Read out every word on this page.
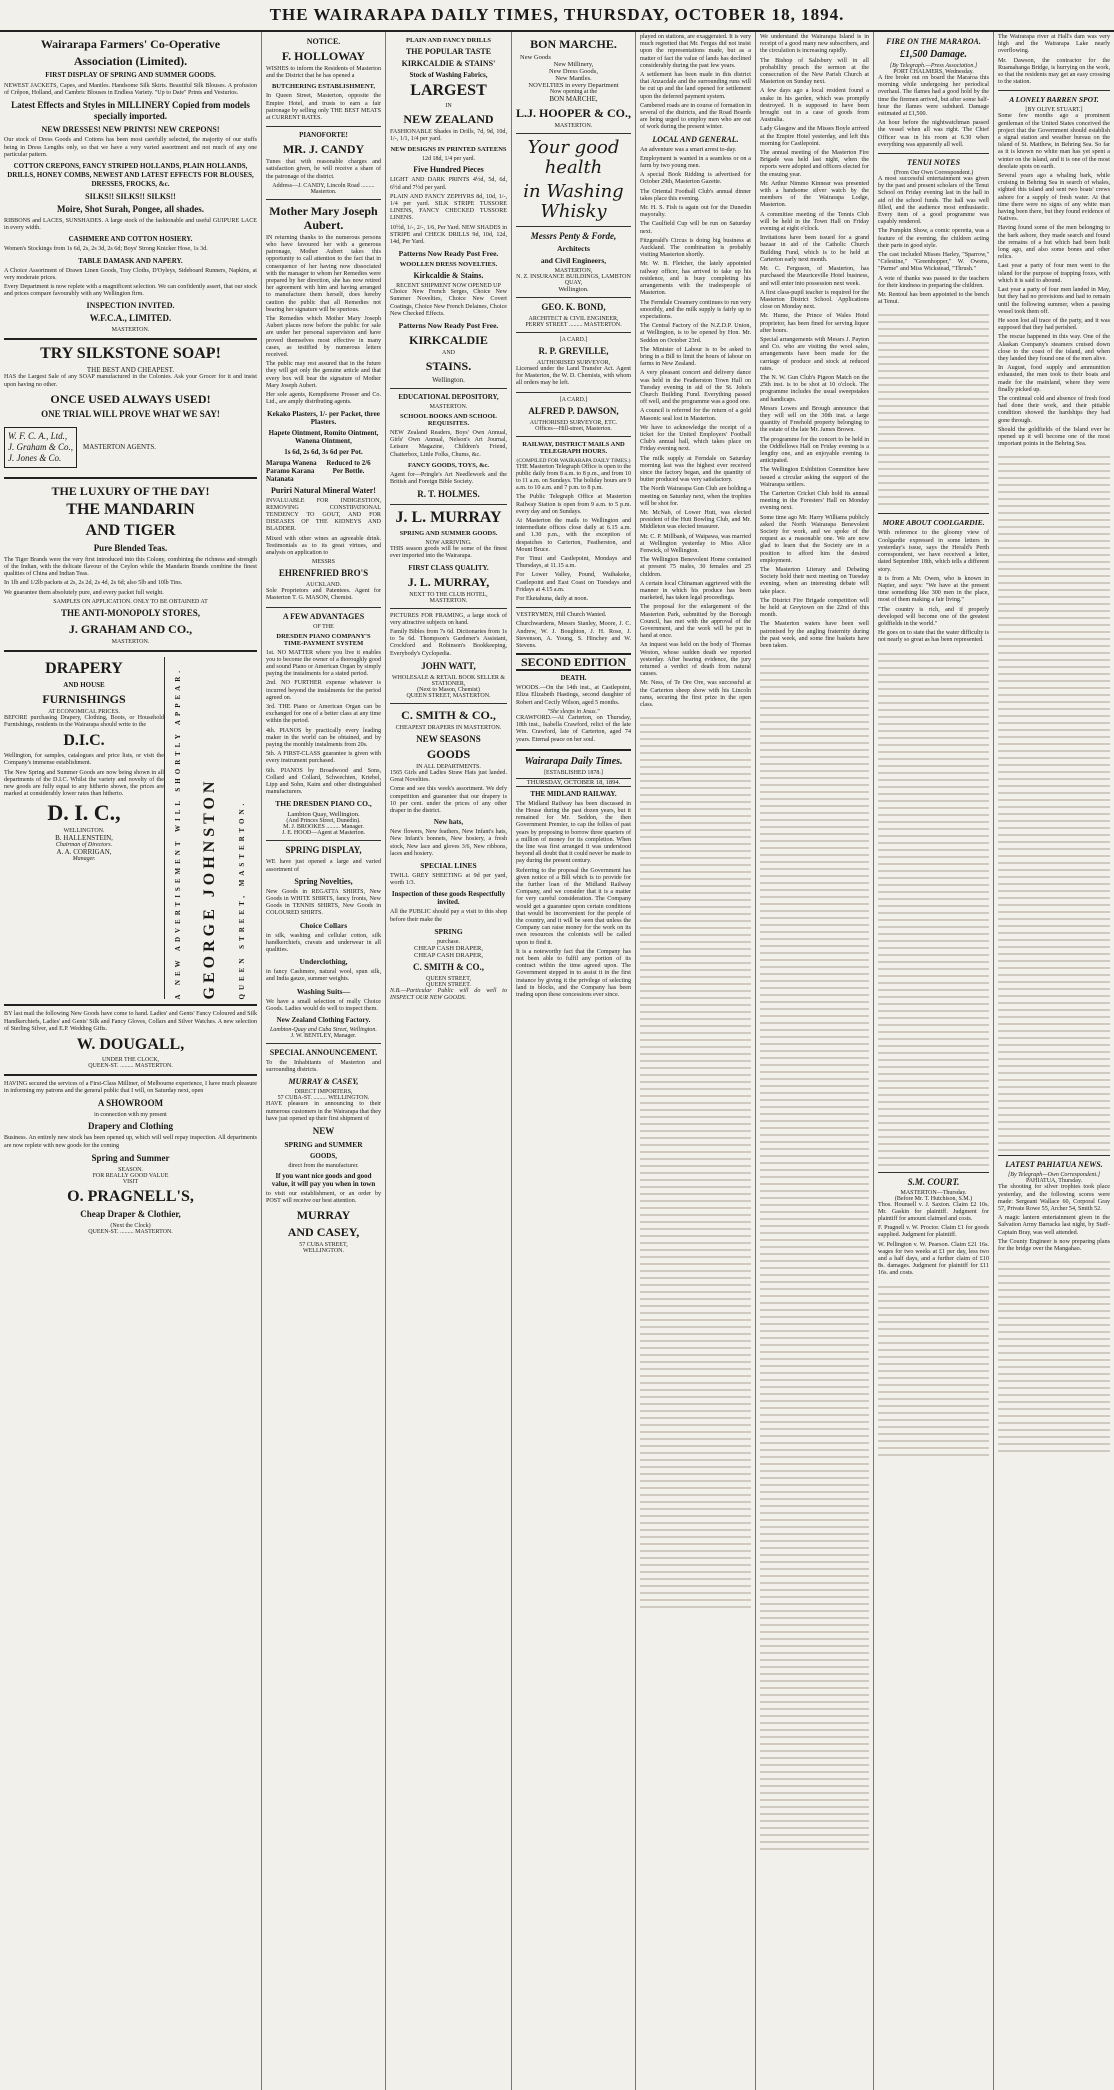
THE WAIRARAPA DAILY TIMES, THURSDAY, OCTOBER 18, 1894.
Wairarapa Farmers' Co-Operative
Association (Limited).
FIRST DISPLAY OF SPRING AND SUMMER GOODS.

NEWEST JACKETS, Capes, and Mantles. Handsome Silk Skirts. Beautiful Silk Blouses. A profusion of Crêpon, Holland, and Cambric Blouses in Endless Variety. "Up to Date" Prints and Vesturios.

Latest Effects and Styles in MILLINERY Copied from models specially imported.
NEW DRESSES! NEW PRINTS! NEW CREPONS!

Our stock of Dress Goods and Cottons has been most carefully selected, the majority of our stuffs being in Dress Lengths only, so that we have a very varied assortment and not much of any one particular pattern.

COTTON CREPONS, FANCY STRIPED HOLLANDS, PLAIN HOLLANDS, DRILLS, HONEY COMBS, NEWEST AND LATEST EFFECTS FOR BLOUSES, DRESSES, FROCKS, &c.
SILKS!! SILKS!! SILKS!!
Moire, Shot Surah, Pongee, all shades.

RIBBONS and LACES, SUNSHADES. A large stock of the fashionable and useful GUIPURE LACE in every width.

CASHMERE AND COTTON HOSIERY.

Women's Stockings from 1s 6d, 2s, 2s 3d, 2s 6d; Boys' Strong Knicker Hose, 1s 3d.

TABLE DAMASK AND NAPERY.

A Choice Assortment of Drawn Linen Goods, Tray Cloths, D'Oyleys, Sideboard Runners, Napkins, at very moderate prices.

Every Department is now replete with a magnificent selection. We can confidently assert, that our stock and prices compare favourably with any Wellington firm.

INSPECTION INVITED.
W.F.C.A., LIMITED.
MASTERTON.
TRY SILKSTONE SOAP!
THE BEST AND CHEAPEST.

HAS the Largest Sale of any SOAP manufactured in the Colonies. Ask your Grocer for it and insist upon having no other.

ONCE USED ALWAYS USED!
ONE TRIAL WILL PROVE WHAT WE SAY!
W. F. C. A., Ltd.,
J. Graham & Co.,
J. Jones & Co.
MASTERTON AGENTS.
THE LUXURY OF THE DAY!
THE MANDARIN
AND TIGER
Pure Blended Teas.

The Tiger Brands were the very first introduced into this Colony, combining the richness and strength of the Indian, with the delicate flavour of the Ceylon while the Mandarin Brands combine the finest qualities of China and Indian Teas.

In 1lb and 1/2lb packets at 2s, 2s 2d, 2s 4d, 2s 6d; also 5lb and 10lb Tins.

We guarantee them absolutely pure, and every packet full weight.

SAMPLES ON APPLICATION. ONLY TO BE OBTAINED AT
THE ANTI-MONOPOLY STORES,
J. GRAHAM AND CO.,
MASTERTON.
DRAPERY
AND HOUSE
FURNISHINGS
AT ECONOMICAL PRICES.

BEFORE purchasing Drapery, Clothing, Boots, or Household Furnishings, residents in the Wairarapa should write to the

D.I.C.

Wellington, for samples, catalogues and price lists, or visit the Company's immense establishment.

The New Spring and Summer Goods are now being shown in all departments of the D.I.C. Whilst the variety and novelty of the new goods are fully equal to any hitherto shown, the prices are marked at considerably lower rates than hitherto.

D. I. C.,
WELLINGTON.
B. HALLENSTEIN,
Chairman of Directors.
A. A. CORRIGAN,
Manager.	A NEW ADVERTISEMENT WILL SHORTLY APPEAR. GEORGE JOHNSTON	QUEEN STREET, MASTERTON.

BY last mail the following New Goods have come to hand. Ladies' and Gents' Fancy Coloured and Silk Handkerchiefs, Ladies' and Gents' Silk and Fancy Gloves, Collars and Silver Watches. A new selection of Sterling Silver, and E.P. Wedding Gifts.

W. DOUGALL,
UNDER THE CLOCK,
QUEEN-ST. ......... MASTERTON.

HAVING secured the services of a First-Class Milliner, of Melbourne experience, I have much pleasure in informing my patrons and the general public that I will, on Saturday next, open

A SHOWROOM
in connection with my present
Drapery and Clothing

Business. An entirely new stock has been opened up, which will well repay inspection. All departments are now replete with new goods for the coming

Spring and Summer
SEASON.
FOR REALLY GOOD VALUE
VISIT
O. PRAGNELL'S,
Cheap Draper & Clothier,
(Next the Clock)
QUEEN-ST. ......... MASTERTON.
NOTICE.
F. HOLLOWAY

WISHES to inform the Residents of Masterton and the District that he has opened a

BUTCHERING ESTABLISHMENT,

In Queen Street, Masterton, opposite the Empire Hotel, and trusts to earn a fair patronage by selling only THE BEST MEATS at CURRENT RATES.

PIANOFORTE!
MR. J. CANDY

Tunes that with reasonable charges and satisfaction given, he will receive a share of the patronage of the district.

Address—J. CANDY, Lincoln Road ......... Masterton.
Mother Mary Joseph Aubert.

IN returning thanks to the numerous persons who have favoured her with a generous patronage, Mother Aubert takes this opportunity to call attention to the fact that in consequence of her having now dissociated with the manager to whom her Remedies were prepared by her direction, she has now retired her agreement with him and having arranged to manufacture them herself, does hereby caution the public that all Remedies not bearing her signature will be spurious.

The Remedies which Mother Mary Joseph Aubert places now before the public for sale are under her personal supervision and have proved themselves most effective in many cases, as testified by numerous letters received.

The public may rest assured that in the future they will get only the genuine article and that every box will bear the signature of Mother Mary Joseph Aubert.

Her sole agents, Kempthorne Prosser and Co. Ltd., are amply distributing agents.

Kekako Plasters, 1/- per Packet, three Plasters.
Hapete Ointment, Romito Ointment, Wanena Ointment,
1s 6d, 2s 6d, 3s 6d per Pot.
Marupa Wanena Paramo Karana Natanata
Reduced to 2/6 Per Bottle.
Puriri Natural Mineral Water!

INVALUABLE FOR INDIGESTION, REMOVING CONSTIPATIONAL TENDENCY TO GOUT, AND FOR DISEASES OF THE KIDNEYS AND BLADDER.

Mixed with other wines an agreeable drink. Testimonials as to its great virtues, and analysis on application to

MESSRS
EHRENFRIED BRO'S
AUCKLAND.

Sole Proprietors and Patentees. Agent for Masterton T. G. MASON, Chemist.

A FEW ADVANTAGES
OF THE
DRESDEN PIANO COMPANY'S TIME-PAYMENT SYSTEM

1st. NO MATTER where you live it enables you to become the owner of a thoroughly good and sound Piano or American Organ by simply paying the instalments for a stated period.

2nd. NO FURTHER expense whatever is incurred beyond the instalments for the period agreed on.

3rd. THE Piano or American Organ can be exchanged for one of a better class at any time within the period.

4th. PIANOS by practically every leading maker in the world can be obtained, and by paying the monthly instalments from 20s.

5th. A FIRST-CLASS guarantee is given with every instrument purchased.

6th. PIANOS by Broadwood and Sons, Collard and Collard, Schwechten, Kriebel, Lipp and Sohn, Kaim and other distinguished manufacturers.

THE DRESDEN PIANO CO.,
Lambton Quay, Wellington.
(And Princes Street, Dunedin).
M. J. BROOKES ......... Manager.
J. E. HOOD—Agent at Masterton.
SPRING DISPLAY,

WE have just opened a large and varied assortment of

Spring Novelties,

New Goods in REGATTA SHIRTS, New Goods in WHITE SHIRTS, fancy fronts, New Goods in TENNIS SHIRTS, New Goods in COLOURED SHIRTS.

Choice Collars

in silk, washing and cellular cotton, silk handkerchiefs, cravats and underwear in all qualities.

Underclothing,

in fancy Cashmere, natural wool, spun silk, and India gauze, summer weights.

Washing Suits—

We have a small selection of really Choice Goods. Ladies would do well to inspect them.

New Zealand Clothing Factory.
Lambton-Quay and Cuba Street, Wellington.
J. W. BENTLEY, Manager.
SPECIAL ANNOUNCEMENT.

To the Inhabitants of Masterton and surrounding districts.

MURRAY & CASEY,
DIRECT IMPORTERS,
57 CUBA-ST. ......... WELLINGTON.

HAVE pleasure in announcing to their numerous customers in the Wairarapa that they have just opened up their first shipment of

NEW
SPRING and SUMMER
GOODS,
direct from the manufacturer.
If you want nice goods and good value, it will pay you when in town

to visit our establishment, or an order by POST will receive our best attention.

MURRAY
AND CASEY,
57 CUBA STREET,
WELLINGTON.
PLAIN AND FANCY DRILLS
THE POPULAR TASTE
KIRKCALDIE & STAINS'
Stock of Washing Fabrics,
LARGEST
IN
NEW ZEALAND

FASHIONABLE Shades in Drills, 7d, 9d, 10d, 1/-, 1/1, 1/4 per yard.

NEW DESIGNS IN PRINTED SATEENS
12d 18d, 1/4 per yard.
Five Hundred Pieces

LIGHT AND DARK PRINTS 4½d, 5d, 6d, 6½d and 7½d per yard.

PLAIN AND FANCY ZEPHYRS 8d, 10d, 1/-, 1/4 per yard. SILK STRIPE TUSSORE LINENS, FANCY CHECKED TUSSORE LINENS.

10½d, 1/-, 2/-, 1/6, Per Yard. NEW SHADES in STRIPE and CHECK DRILLS 9d, 10d, 12d, 14d, Per Yard.

Patterns Now Ready Post Free.
WOOLLEN DRESS NOVELTIES.
Kirkcaldie & Stains.
RECENT SHIPMENT NOW OPENED UP

Choice New French Serges, Choice New Summer Novelties, Choice New Covert Coatings, Choice New French Delaines, Choice New Checked Effects.

Patterns Now Ready Post Free.
KIRKCALDIE
AND
STAINS.
Wellington.
EDUCATIONAL DEPOSITORY,
MASTERTON.
SCHOOL BOOKS AND SCHOOL REQUISITES.

NEW Zealand Readers, Boys' Own Annual, Girls' Own Annual, Nelson's Art Journal, Leisure Magazine, Children's Friend, Chatterbox, Little Folks, Chums, &c.

FANCY GOODS, TOYS, &c.

Agent for—Pringle's Art Needlework and the British and Foreign Bible Society.

R. T. HOLMES.
J. L. MURRAY
SPRING AND SUMMER GOODS.
NOW ARRIVING.

THIS season goods will be some of the finest ever imported into the Wairarapa.

FIRST CLASS QUALITY.
J. L. MURRAY,
NEXT TO THE CLUB HOTEL,
MASTERTON.

PICTURES FOR FRAMING, a large stock of very attractive subjects on hand.

Family Bibles from 7s 6d. Dictionaries from 1s to 5s 6d. Thompson's Gardener's Assistant, Crockford and Robinson's Bookkeeping, Everybody's Cyclopedia.

JOHN WATT,
WHOLESALE & RETAIL BOOK SELLER & STATIONER,
(Next to Mason, Chemist)
QUEEN STREET, MASTERTON.
C. SMITH & CO.,
CHEAPEST DRAPERS IN MASTERTON.
NEW SEASONS
GOODS
IN ALL DEPARTMENTS.

1565 Girls and Ladies Straw Hats just landed. Great Novelties.

Come and see this week's assortment. We defy competition and guarantee that our drapery is 10 per cent. under the prices of any other draper in the district.

New hats,

New flowers, New feathers, New Infant's hats, New Infant's bonnets, New hosiery, a fresh stock, New lace and gloves 3/6, New ribbons, laces and hosiery.

SPECIAL LINES

TWILL GREY SHEETING at 9d per yard, worth 1/3.

Inspection of these goods Respectfully invited.

All the PUBLIC should pay a visit to this shop before their make the

SPRING
purchase.
CHEAP CASH DRAPER,
CHEAP CASH DRAPER,
C. SMITH & CO.,
QUEEN STREET,
QUEEN STREET.

N.B.—Particular Public will do well to INSPECT OUR NEW GOODS.

BON MARCHE.
New Goods
New Millinery,
New Dress Goods,
New Mantles.
NOVELTIES in every Department
Now opening at the
BON MARCHE,
L.J. HOOPER & CO.,
MASTERTON.
Your good health
in Washing Whisky
Messrs Penty & Forde,
Architects
and Civil Engineers,
MASTERTON,
N. Z. INSURANCE BUILDINGS, LAMBTON QUAY,
Wellington.
GEO. K. BOND,
ARCHITECT & CIVIL ENGINEER,
PERRY STREET ......... MASTERTON.
[A CARD.]
R. P. GREVILLE,
AUTHORISED SURVEYOR,

Licensed under the Land Transfer Act. Agent for Masterton, the W. D. Chemists, with whom all orders may be left.

[A CARD.]
ALFRED P. DAWSON,
AUTHORISED SURVEYOR, ETC.
Offices—Hill-street, Masterton.
RAILWAY, DISTRICT MAILS AND TELEGRAPH HOURS.
(COMPILED FOR WAIRARAPA DAILY TIMES.)

THE Masterton Telegraph Office is open to the public daily from 8 a.m. to 8 p.m., and from 10 to 11 a.m. on Sundays. The holiday hours are 9 a.m. to 10 a.m. and 7 p.m. to 8 p.m.

The Public Telegraph Office at Masterton Railway Station is open from 9 a.m. to 5 p.m. every day and on Sundays.

At Masterton the mails to Wellington and intermediate offices close daily at 6.15 a.m. and 1.30 p.m., with the exception of despatches to Carterton, Featherston, and Mount Bruce.

For Tinui and Castlepoint, Mondays and Thursdays, at 11.15 a.m.

For Lower Valley, Pound, Waihakeke, Castlepoint and East Coast on Tuesdays and Fridays at 4.15 a.m.

For Eketahuna, daily at noon.

VESTRYMEN, Hill Church Wanted.

Churchwardens, Messrs Stanley, Moore, J. C. Andrew, W. J. Boughton, J. H. Rose, J. Stevenson, A. Young, S. Hinchey and W. Stevens.

SECOND EDITION
DEATH.

WOODS.—On the 14th inst., at Castlepoint, Eliza Elizabeth Hastings, second daughter of Robert and Cecily Wilson, aged 5 months.

"She sleeps in Jesus."

CRAWFORD.—At Carterton, on Thursday, 18th inst., Isabella Crawford, relict of the late Wm. Crawford, late of Carterton, aged 74 years. Eternal peace on her soul.

Wairarapa Daily Times.
[ESTABLISHED 1878.]
THURSDAY, OCTOBER 18, 1894.
THE MIDLAND RAILWAY.

The Midland Railway has been discussed in the House during the past dozen years, but it remained for Mr. Seddon, the then Government Premier, to cap the follies of past years by proposing to borrow three quarters of a million of money for its completion. When the line was first arranged it was understood beyond all doubt that it could never be made to pay during the present century.

Referring to the proposal the Government has given notice of a Bill which is to provide for the further loan of the Midland Railway Company, and we consider that it is a matter for very careful consideration. The Company would get a guarantee upon certain conditions that would be inconvenient for the people of the country, and it will be seen that unless the Company can raise money for the work on its own resources the colonists will be called upon to find it.

It is a noteworthy fact that the Company has not been able to fulfil any portion of its contract within the time agreed upon. The Government stepped in to assist it in the first instance by giving it the privilege of selecting land in blocks, and the Company has been trading upon these concessions ever since.

played on stations, are exaggerated. It is very much regretted that Mr. Fergus did not insist upon the representations made, but as a matter of fact the value of lands has declined considerably during the past few years.

A settlement has been made in this district that Anzacdale and the surrounding runs will be cut up and the land opened for settlement upon the deferred payment system.

Cambered roads are in course of formation in several of the districts, and the Road Boards are being urged to employ men who are out of work during the present winter.

LOCAL AND GENERAL.

An adventure was a smart arrest to-day.

Employment is wanted in a seamless or on a farm by two young men.

A special Book Ridding is advertised for October 29th, Masterton Gazette.

The Oriental Football Club's annual dinner takes place this evening.

Mr. H. S. Fish is again out for the Dunedin mayoralty.

The Caulfield Cup will be run on Saturday next.

Fitzgerald's Circus is doing big business at Auckland. The combination is probably visiting Masterton shortly.

Mr. W. B. Fletcher, the lately appointed railway officer, has arrived to take up his residence, and is busy completing his arrangements with the tradespeople of Masterton.

The Ferndale Creamery continues to run very smoothly, and the milk supply is fairly up to expectations.

The Central Factory of the N.Z.D.P. Union, at Wellington, is to be opened by Hon. Mr. Seddon on October 23rd.

The Minister of Labour is to be asked to bring in a Bill to limit the hours of labour on farms in New Zealand.

A very pleasant concert and delivery dance was held in the Featherston Town Hall on Tuesday evening in aid of the St. John's Church Building Fund. Everything passed off well, and the programme was a good one.

A council is referred for the return of a gold Masonic seal lost in Masterton.

We have to acknowledge the receipt of a ticket for the United Employers' Football Club's annual ball, which takes place on Friday evening next.

The milk supply at Ferndale on Saturday morning last was the highest ever received since the factory began, and the quantity of butter produced was very satisfactory.

The North Wairarapa Gun Club are holding a meeting on Saturday next, when the trophies will be shot for.

Mr. McNab, of Lower Hutt, was elected president of the Hutt Bowling Club, and Mr. Middleton was elected treasurer.

Mr. C. P. Millbank, of Waipawa, was married at Wellington yesterday to Miss Alice Fenwick, of Wellington.

The Wellington Benevolent Home contained at present 75 males, 30 females and 25 children.

A certain local Chinaman aggrieved with the manner in which his produce has been marketed, has taken legal proceedings.

The proposal for the enlargement of the Masterton Park, submitted by the Borough Council, has met with the approval of the Government, and the work will be put in hand at once.

An inquest was held on the body of Thomas Weston, whose sudden death we reported yesterday. After hearing evidence, the jury returned a verdict of death from natural causes.

Mr. Ness, of Te Ore Ore, was successful at the Carterton sheep show with his Lincoln rams, securing the first prize in the open class.

We understand the Wairarapa Island is in receipt of a good many new subscribers, and the circulation is increasing rapidly.

The Bishop of Salisbury will in all probability preach the sermon at the consecration of the New Parish Church at Masterton on Sunday next.

A few days ago a local resident found a snake in his garden, which was promptly destroyed. It is supposed to have been brought out in a case of goods from Australia.

Lady Glasgow and the Misses Boyle arrived at the Empire Hotel yesterday, and left this morning for Castlepoint.

The annual meeting of the Masterton Fire Brigade was held last night, when the reports were adopted and officers elected for the ensuing year.

Mr. Arthur Nimmo Kinnear was presented with a handsome silver watch by the members of the Wairarapa Lodge, Masterton.

A committee meeting of the Tennis Club will be held in the Town Hall on Friday evening at eight o'clock.

Invitations have been issued for a grand bazaar in aid of the Catholic Church Building Fund, which is to be held at Carterton early next month.

Mr. C. Ferguson, of Masterton, has purchased the Mauriceville Hotel business, and will enter into possession next week.

A first class-pupil teacher is required for the Masterton District School. Applications close on Monday next.

Mr. Hume, the Prince of Wales Hotel proprietor, has been fined for serving liquor after hours.

Special arrangements with Messrs J. Payton and Co. who are visiting the wool sales, arrangements have been made for the carriage of produce and stock at reduced rates.

The N. W. Gun Club's Pigeon Match on the 25th inst. is to be shot at 10 o'clock. The programme includes the usual sweepstakes and handicaps.

Messrs Lowes and Brough announce that they will sell on the 30th inst. a large quantity of Freehold property belonging to the estate of the late Mr. James Brown.

The programme for the concert to be held in the Oddfellows Hall on Friday evening is a lengthy one, and an enjoyable evening is anticipated.

The Wellington Exhibition Committee have issued a circular asking the support of the Wairarapa settlers.

The Carterton Cricket Club hold its annual meeting in the Foresters' Hall on Monday evening next.

Some time ago Mr. Harry Williams publicly asked the North Wairarapa Benevolent Society for work, and we spoke of the request as a reasonable one. We are now glad to learn that the Society are in a position to afford him the desired employment.

The Masterton Literary and Debating Society hold their next meeting on Tuesday evening, when an interesting debate will take place.

The District Fire Brigade competition will be held at Greytown on the 22nd of this month.

The Masterton waters have been well patronised by the angling fraternity during the past week, and some fine baskets have been taken.

FIRE ON THE MARAROA.
£1,500 Damage.
[By Telegraph.—Press Association.]
PORT CHALMERS, Wednesday.

A fire broke out on board the Mararoa this morning while undergoing her periodical overhaul. The flames had a good hold by the time the firemen arrived, but after some half-hour the flames were subdued. Damage estimated at £1,500.

An hour before the nightwatchman passed the vessel when all was right. The Chief Officer was in his room at 6.30 when everything was apparently all well.

TENUI NOTES
(From Our Own Correspondent.)

A most successful entertainment was given by the past and present scholars of the Tenui School on Friday evening last in the hall in aid of the school funds. The hall was well filled, and the audience most enthusiastic. Every item of a good programme was capably rendered.

The Pumpkin Show, a comic operetta, was a feature of the evening, the children acting their parts in good style.

The cast included Misses Harley, "Sparrow," "Celestine," "Greenhopper," W. Owens, "Parme" and Miss Wickstead, "Thrush."

A vote of thanks was passed to the teachers for their kindness in preparing the children.

Mr. Rentoul has been appointed to the bench at Tenui.

MORE ABOUT COOLGARDIE.

With reference to the gloomy view of Coolgardie expressed in some letters in yesterday's issue, says the Herald's Perth correspondent, we have received a letter, dated September 18th, which tells a different story.

It is from a Mr. Owen, who is known in Napier, and says: "We have at the present time something like 300 men in the place, most of them making a fair living."

"The country is rich, and if properly developed will become one of the greatest goldfields in the world."

He goes on to state that the water difficulty is not nearly so great as has been represented.

S.M. COURT.
MASTERTON—Thursday.
(Before Mr. T. Hutchison, S.M.)

Thos. Hounsell v. J. Saxton. Claim £2 10s. Mr. Gaskin for plaintiff. Judgment for plaintiff for amount claimed and costs.

F. Pragnell v. W. Proctor. Claim £1 for goods supplied. Judgment for plaintiff.

W. Pellington v. W. Pearson. Claim £21 16s. wages for two weeks at £1 per day, less two and a half days, and a further claim of £10 8s. damages. Judgment for plaintiff for £11 16s. and costs.

The Wairarapa river at Hall's dam was very high and the Wairarapa Lake nearly overflowing.

Mr. Dawson, the contractor for the Ruamahanga Bridge, is hurrying on the work, so that the residents may get an easy crossing to the station.

A LONELY BARREN SPOT.
[BY OLIVE STUART.]

Some few months ago a prominent gentleman of the United States conceived the project that the Government should establish a signal station and weather bureau on the island of St. Matthew, in Behring Sea. So far as it is known no white man has yet spent a winter on the island, and it is one of the most desolate spots on earth.

Several years ago a whaling bark, while cruising in Behring Sea in search of whales, sighted this island and sent two boats' crews ashore for a supply of fresh water. At that time there were no signs of any white man having been there, but they found evidence of Natives.

Having found some of the men belonging to the bark ashore, they made search and found the remains of a hut which had been built long ago, and also some bones and other relics.

Last year a party of four men went to the island for the purpose of trapping foxes, with which it is said to abound.

Last year a party of four men landed in May, but they had no provisions and had to remain until the following summer, when a passing vessel took them off.

He soon lost all trace of the party, and it was supposed that they had perished.

The rescue happened in this way. One of the Alaskan Company's steamers cruised down close to the coast of the island, and when they landed they found one of the men alive.

In August, food supply and ammunition exhausted, the men took to their boats and made for the mainland, where they were finally picked up.

The continual cold and absence of fresh food had done their work, and their pitiable condition showed the hardships they had gone through.

Should the goldfields of the Island ever be opened up it will become one of the most important points in the Behring Sea.

LATEST PAHIATUA NEWS.
[By Telegraph—Own Correspondent.]
PAHIATUA, Thursday.

The shooting for silver trophies took place yesterday, and the following scores were made: Sergeant Wallace 60, Corporal Gray 57, Private Rowe 55, Archer 54, Smith 52.

A magic lantern entertainment given in the Salvation Army Barracks last night, by Staff-Captain Bray, was well attended.

The County Engineer is now preparing plans for the bridge over the Mangahao.
